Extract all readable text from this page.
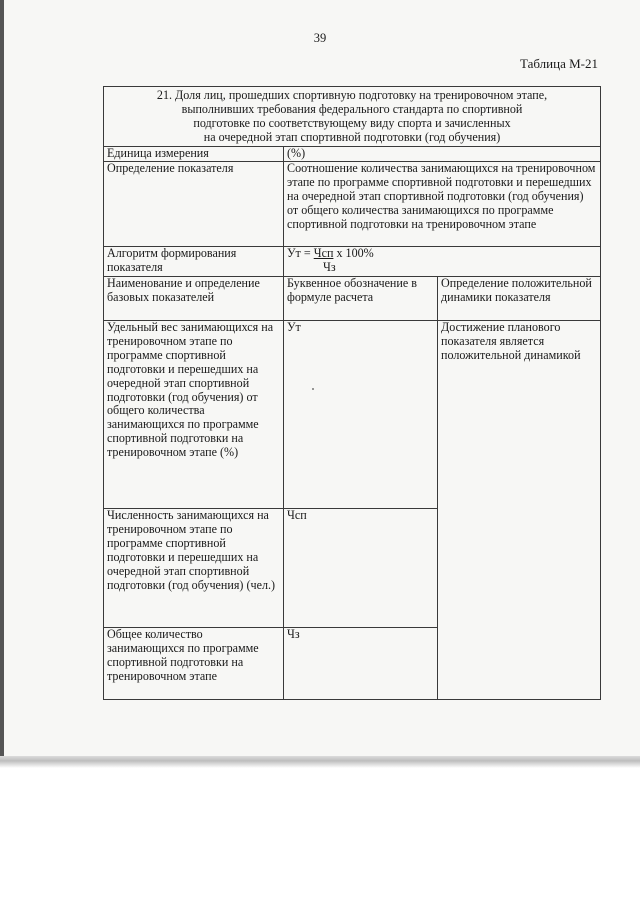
39
Таблица М-21
21. Доля лиц, прошедших спортивную подготовку на тренировочном этапе,
выполнивших требования федерального стандарта по спортивной
подготовке по соответствующему виду спорта и зачисленных
на очередной этап спортивной подготовки (год обучения)		

Единица измерения	(%)	
Определение показателя	Соотношение количества занимающихся на тренировочном этапе по программе спортивной подготовки и перешедших на очередной этап спортивной подготовки (год обучения) от общего количества занимающихся по программе спортивной подготовки на тренировочном этапе	
Алгоритм формирования показателя	Ут = Чсп х 100%
Чз	

Наименование и определение базовых показателей	Буквенное обозначение в формуле расчета	Определение положительной динамики показателя
Удельный вес занимающихся на тренировочном этапе по программе спортивной подготовки и перешедших на очередной этап спортивной подготовки (год обучения) от общего количества занимающихся по программе спортивной подготовки на тренировочном этапе (%)	Ут	Достижение планового показателя является положительной динамикой
Численность занимающихся на тренировочном этапе по программе спортивной подготовки и перешедших на очередной этап спортивной подготовки (год обучения) (чел.)	Чсп	
Общее количество занимающихся по программе спортивной подготовки на тренировочном этапе	Чз	
